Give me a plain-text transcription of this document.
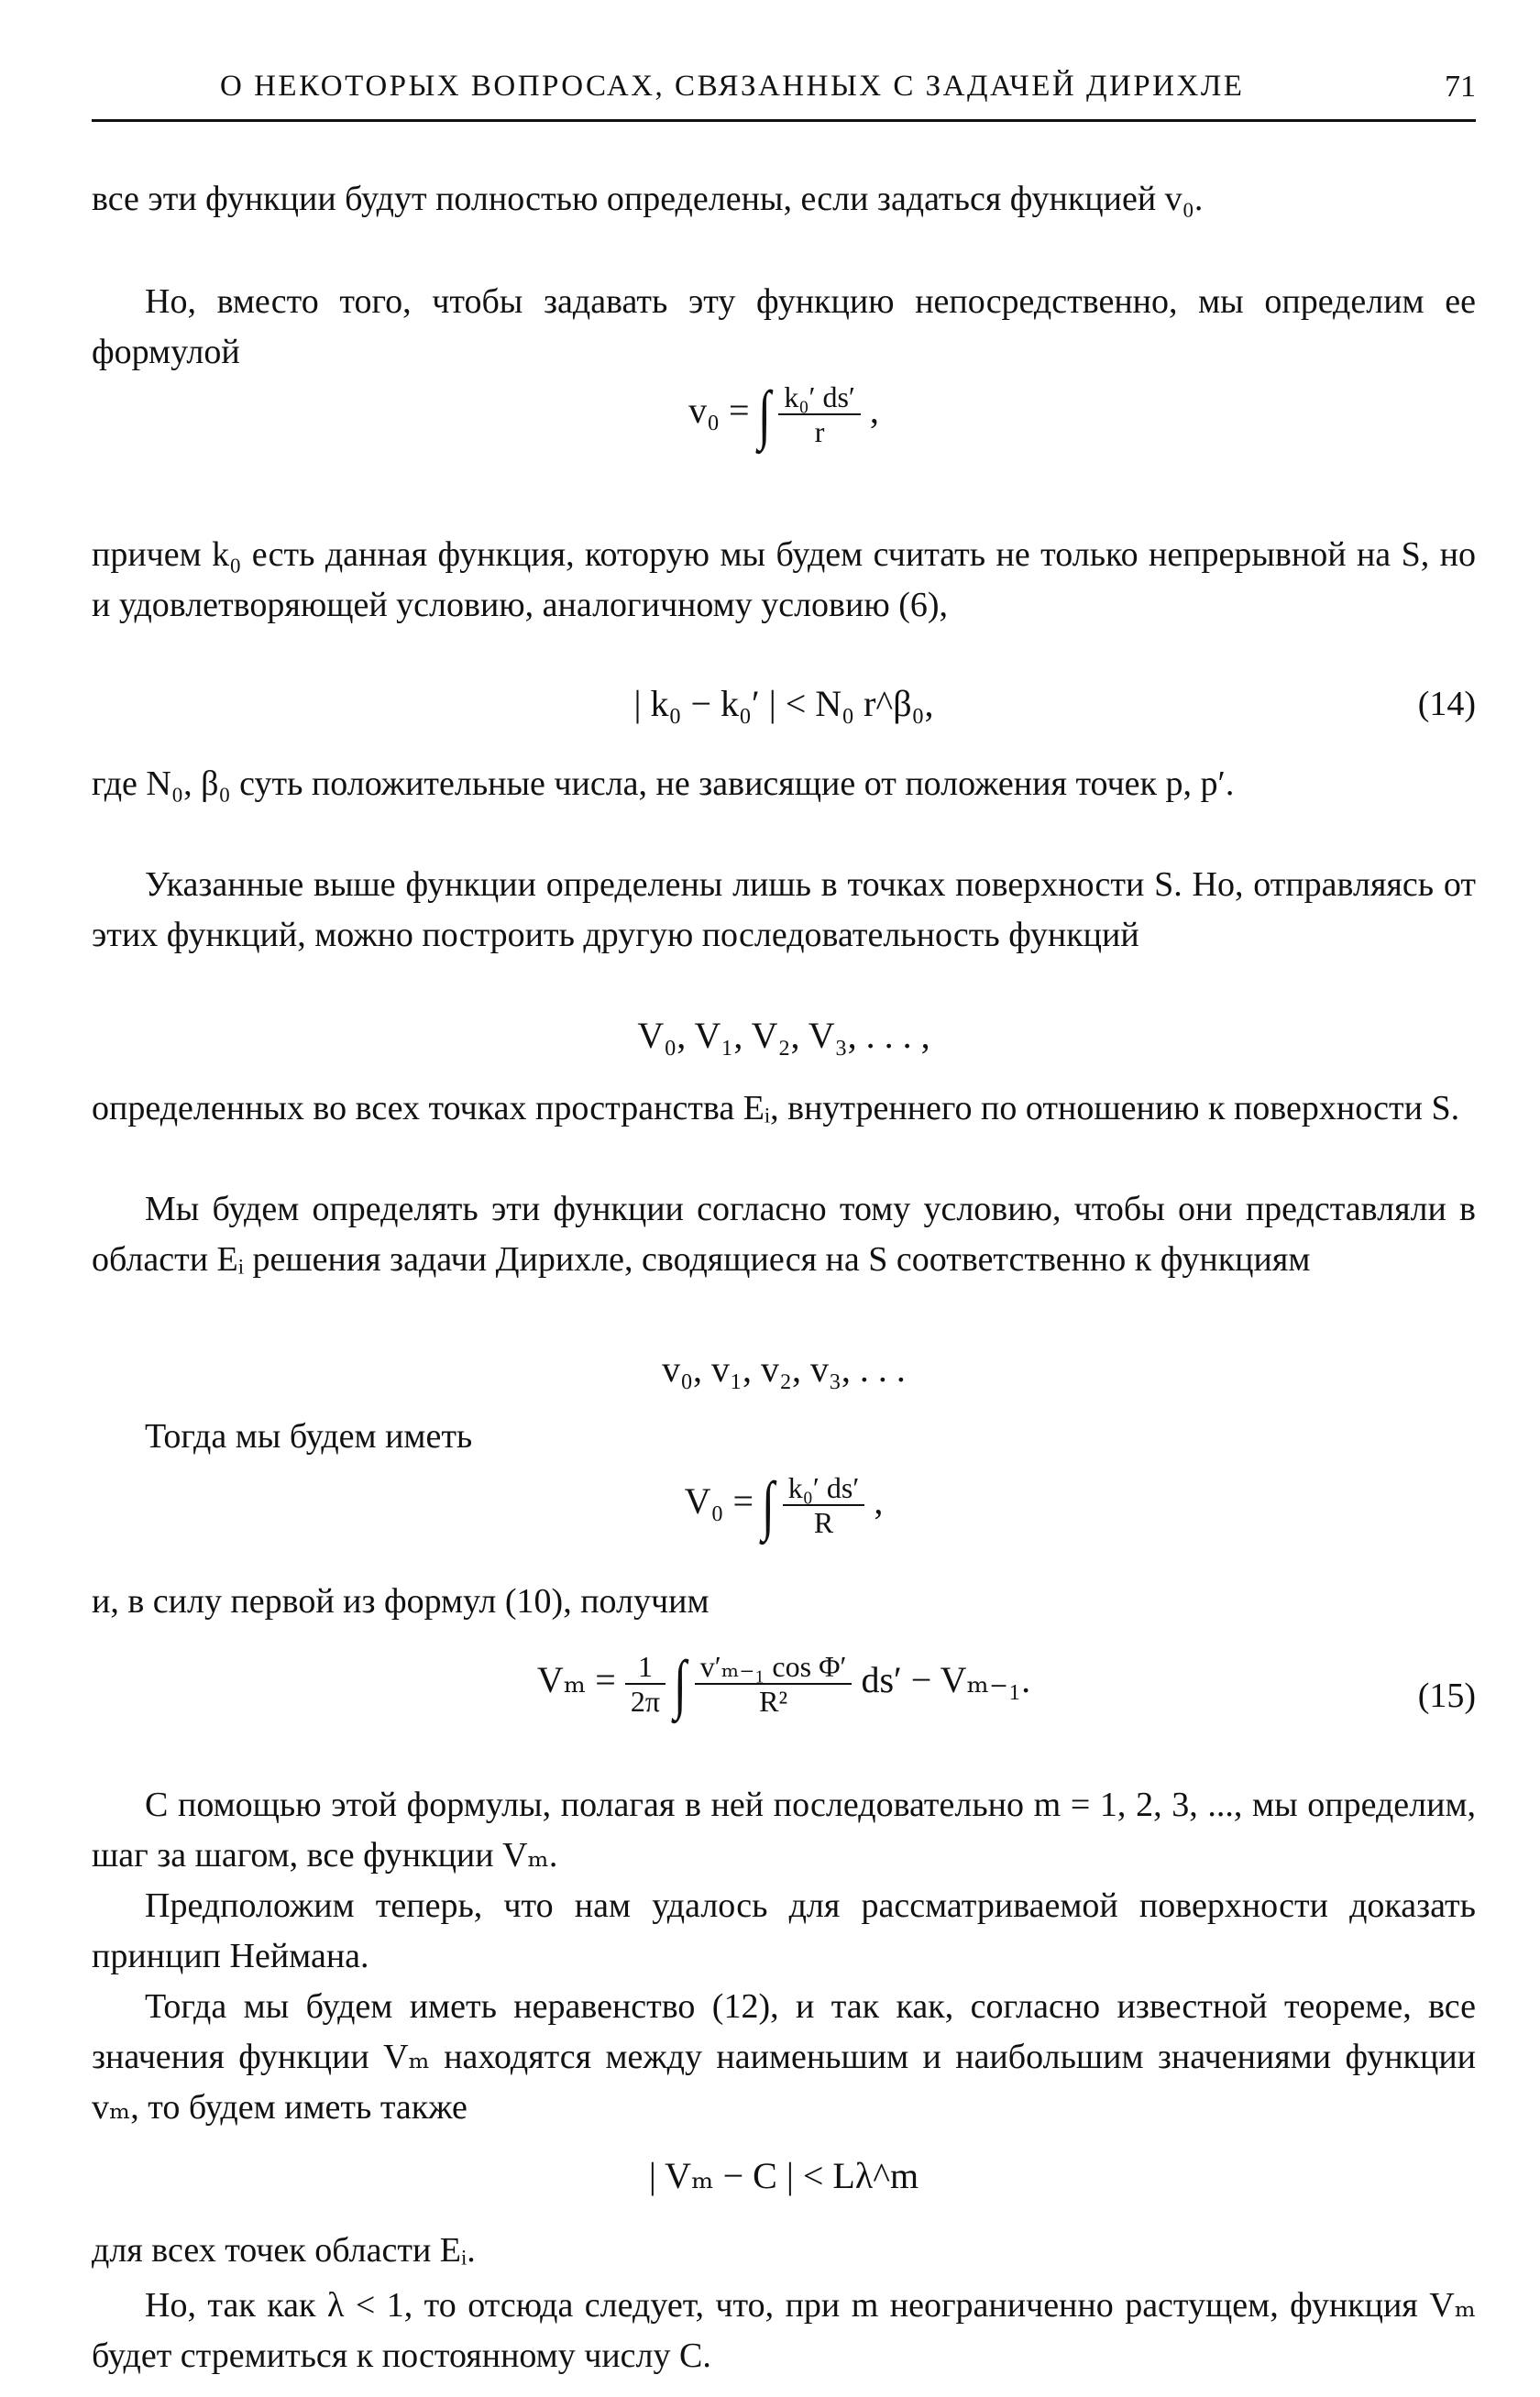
О НЕКОТОРЫХ ВОПРОСАХ, СВЯЗАННЫХ С ЗАДАЧЕЙ ДИРИХЛЕ	71

все эти функции будут полностью определены, если задаться функцией v₀.

Но, вместо того, чтобы задавать эту функцию непосредственно, мы определим ее формулой

v₀ = ∫ $\frac{\text{k₀′ ds′}}{r}$ ,

причем k₀ есть данная функция, которую мы будем считать не только непрерывной на S, но и удовлетворяющей условию, аналогичному условию (6),

| k₀ − k₀′ | < N₀ r^β₀,	(14)

где N₀, β₀ суть положительные числа, не зависящие от положения точек p, p′.

Указанные выше функции определены лишь в точках поверхности S. Но, отправляясь от этих функций, можно построить другую последовательность функций

V₀, V₁, V₂, V₃, . . . ,

определенных во всех точках пространства Eᵢ, внутреннего по отношению к поверхности S.

Мы будем определять эти функции согласно тому условию, чтобы они представляли в области Eᵢ решения задачи Дирихле, сводящиеся на S соответственно к функциям

v₀, v₁, v₂, v₃, . . .

Тогда мы будем иметь

V₀ = ∫ $\frac{\text{k₀′ ds′}}{R}$ ,

и, в силу первой из формул (10), получим

$V_m = \frac{1}{2\pi}$ ∫ $\frac{\text{v′ₘ₋₁ cos Φ′}}{\text{R²}} ds' - V_{m-1}$.	(15)

С помощью этой формулы, полагая в ней последовательно m = 1, 2, 3, ..., мы определим, шаг за шагом, все функции Vₘ.

Предположим теперь, что нам удалось для рассматриваемой поверхности доказать принцип Неймана.

Тогда мы будем иметь неравенство (12), и так как, согласно известной теореме, все значения функции Vₘ находятся между наименьшим и наибольшим значениями функции vₘ, то будем иметь также

| Vₘ − C | < Lλ^m

для всех точек области Eᵢ.

Но, так как λ < 1, то отсюда следует, что, при m неограниченно растущем, функция Vₘ будет стремиться к постоянному числу C.
